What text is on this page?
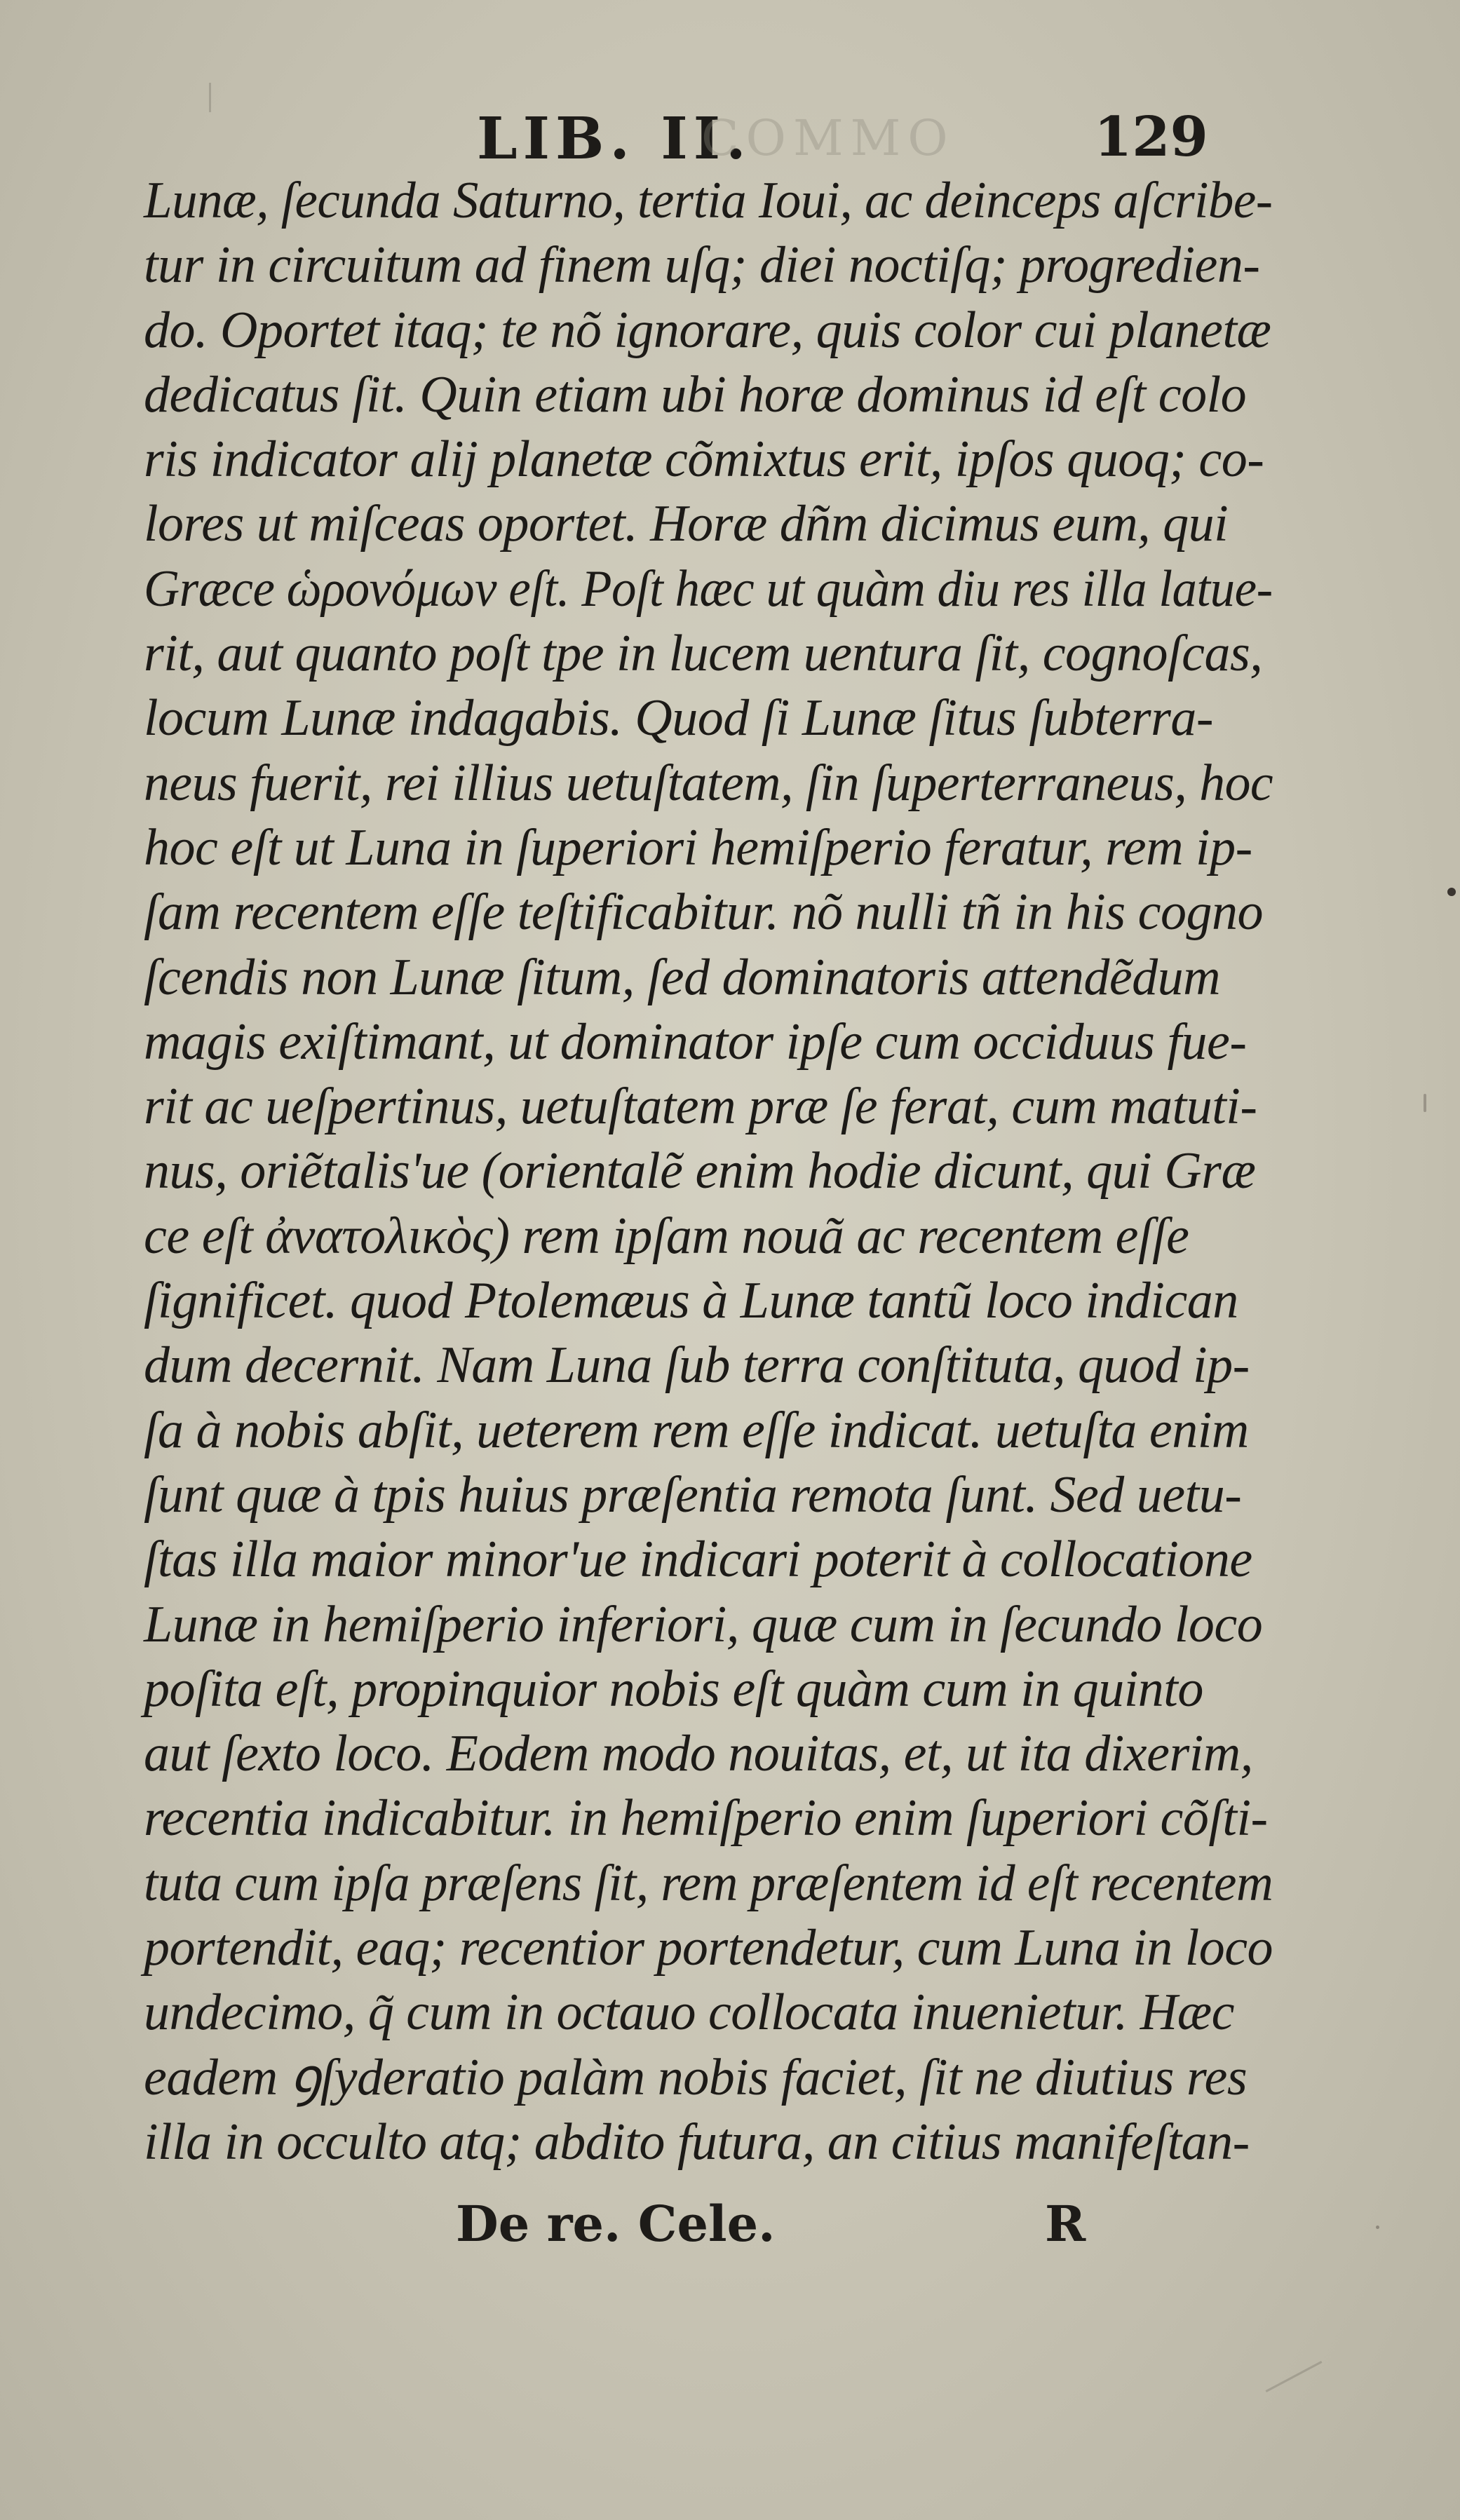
LIB. II.
COMMO	129
Lunæ, ſecunda Saturno, tertia Ioui, ac deinceps aſcribe-
tur in circuitum ad finem uſq; diei noctiſq; progredien-
do. Oportet itaq; te nõ ignorare, quis color cui planetæ
dedicatus ſit. Quin etiam ubi horæ dominus id eſt colo
ris indicator alij planetæ cõmixtus erit, ipſos quoq; co-
lores ut miſceas oportet. Horæ dñm dicimus eum, qui
Græce ὡρονόμων eſt. Poſt hæc ut quàm diu res illa latue-
rit, aut quanto poſt tpe in lucem uentura ſit, cognoſcas,
locum Lunæ indagabis. Quod ſi Lunæ ſitus ſubterra-
neus fuerit, rei illius uetuſtatem, ſin ſuperterraneus, hoc
hoc eſt ut Luna in ſuperiori hemiſperio feratur, rem ip-
ſam recentem eſſe teſtificabitur. nõ nulli tñ in his cogno
ſcendis non Lunæ ſitum, ſed dominatoris attendẽdum
magis exiſtimant, ut dominator ipſe cum occiduus fue-
rit ac ueſpertinus, uetuſtatem præ ſe ferat, cum matuti-
nus, oriẽtalis'ue (orientalẽ enim hodie dicunt, qui Græ
ce eſt ἀνατολικὸς) rem ipſam nouã ac recentem eſſe
ſignificet. quod Ptolemæus à Lunæ tantũ loco indican
dum decernit. Nam Luna ſub terra conſtituta, quod ip-
ſa à nobis abſit, ueterem rem eſſe indicat. uetuſta enim
ſunt quæ à tpis huius præſentia remota ſunt. Sed uetu-
ſtas illa maior minor'ue indicari poterit à collocatione
Lunæ in hemiſperio inferiori, quæ cum in ſecundo loco
poſita eſt, propinquior nobis eſt quàm cum in quinto
aut ſexto loco. Eodem modo nouitas, et, ut ita dixerim,
recentia indicabitur. in hemiſperio enim ſuperiori cõſti-
tuta cum ipſa præſens ſit, rem præſentem id eſt recentem
portendit, eaq; recentior portendetur, cum Luna in loco
undecimo, q̃ cum in octauo collocata inuenietur. Hæc
eadem ꝯſyderatio palàm nobis faciet, ſit ne diutius res
illa in occulto atq; abdito futura, an citius manifeſtan-
De re. Cele.	R
